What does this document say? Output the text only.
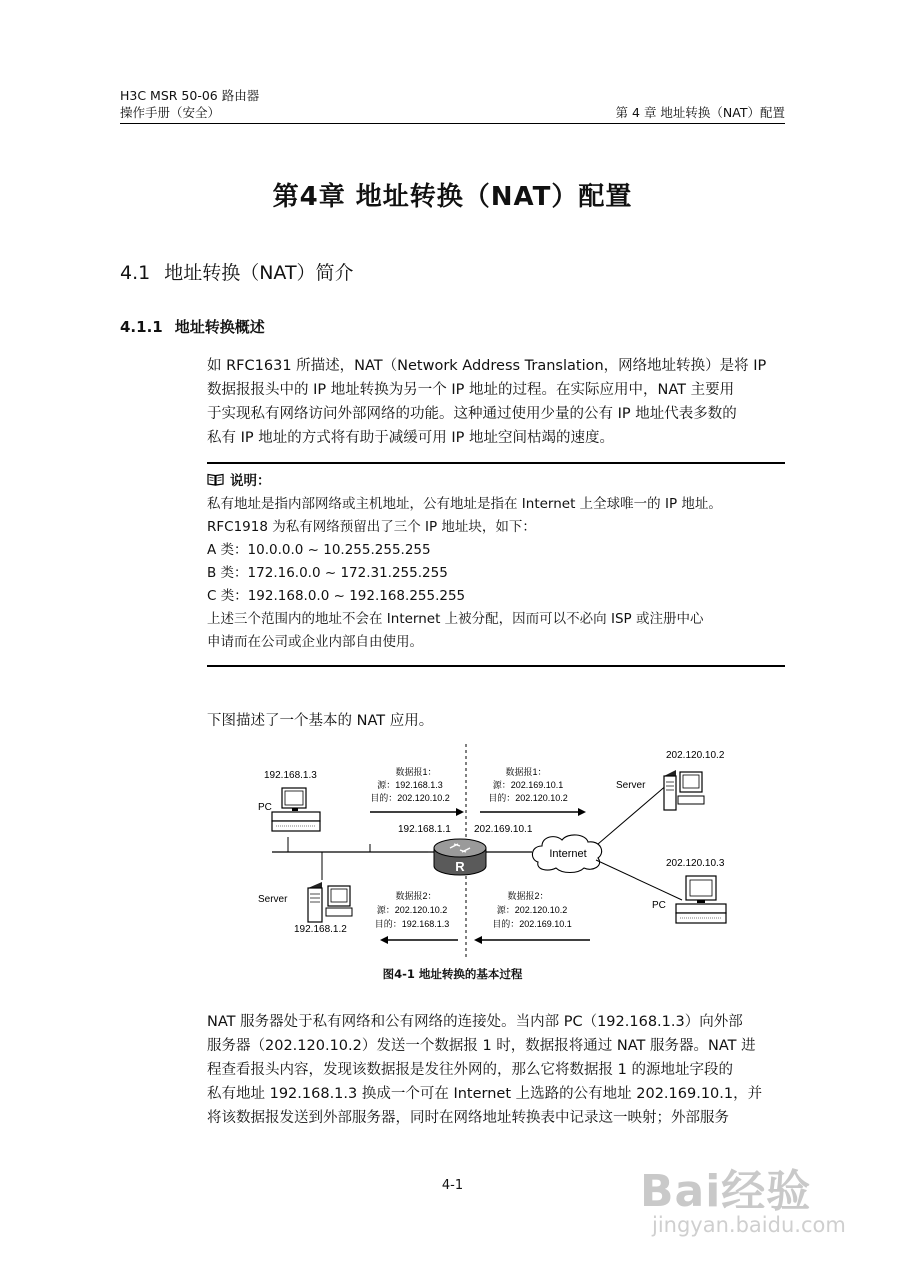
H3C MSR 50-06 路由器
操作手册（安全）	第 4 章 地址转换（NAT）配置
第4章 地址转换（NAT）配置
4.1 地址转换（NAT）简介
4.1.1 地址转换概述

如 RFC1631 所描述，NAT（Network Address Translation，网络地址转换）是将 IP

数据报报头中的 IP 地址转换为另一个 IP 地址的过程。在实际应用中，NAT 主要用

于实现私有网络访问外部网络的功能。这种通过使用少量的公有 IP 地址代表多数的

私有 IP 地址的方式将有助于减缓可用 IP 地址空间枯竭的速度。

说明：
私有地址是指内部网络或主机地址，公有地址是指在 Internet 上全球唯一的 IP 地址。
RFC1918 为私有网络预留出了三个 IP 地址块，如下：
A 类：10.0.0.0 ~ 10.255.255.255
B 类：172.16.0.0 ~ 172.31.255.255
C 类：192.168.0.0 ~ 192.168.255.255
上述三个范围内的地址不会在 Internet 上被分配，因而可以不必向 ISP 或注册中心
申请而在公司或企业内部自由使用。
下图描述了一个基本的 NAT 应用。
R
Internet
192.168.1.3
PC
Server
192.168.1.2
192.168.1.1 202.169.10.1
202.120.10.2
Server
202.120.10.3
PC
数据报1：
源：192.168.1.3
目的：202.120.10.2
数据报1：
源：202.169.10.1
目的：202.120.10.2
数据报2：
源：202.120.10.2
目的：192.168.1.3
数据报2：
源：202.120.10.2
目的：202.169.10.1
图4-1 地址转换的基本过程

NAT 服务器处于私有网络和公有网络的连接处。当内部 PC（192.168.1.3）向外部

服务器（202.120.10.2）发送一个数据报 1 时，数据报将通过 NAT 服务器。NAT 进

程查看报头内容，发现该数据报是发往外网的，那么它将数据报 1 的源地址字段的

私有地址 192.168.1.3 换成一个可在 Internet 上选路的公有地址 202.169.10.1，并

将该数据报发送到外部服务器，同时在网络地址转换表中记录这一映射；外部服务

4-1	Bai经验
jingyan.baidu.com
